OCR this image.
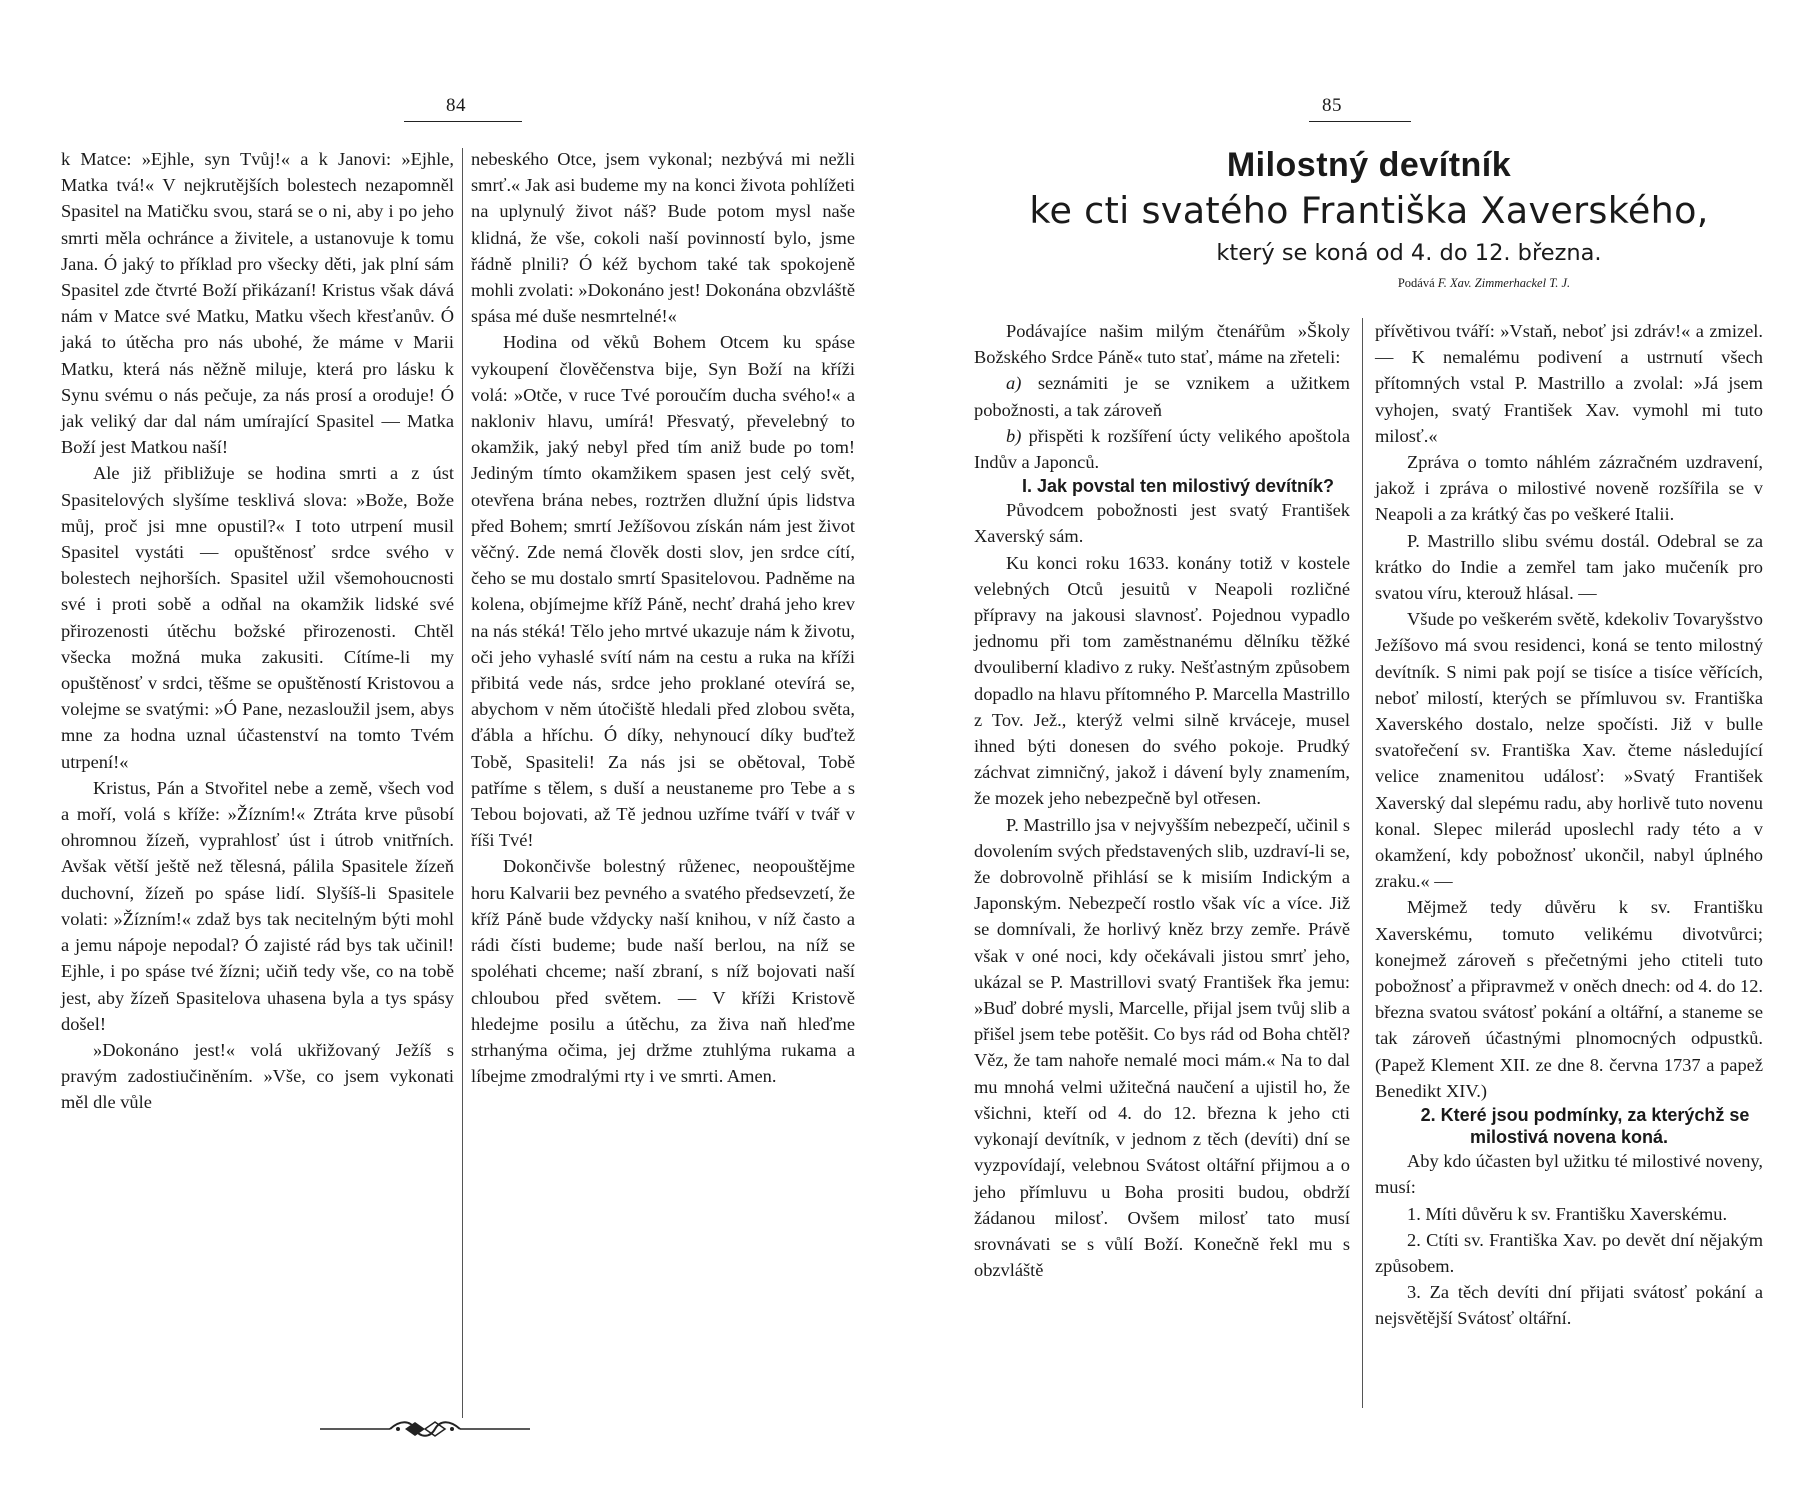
84

k Matce: »Ejhle, syn Tvůj!« a k Janovi: »Ejhle, Matka tvá!« V nejkrutějších bolestech nezapomněl Spasitel na Matičku svou, stará se o ni, aby i po jeho smrti měla ochránce a živitele, a ustanovuje k tomu Jana. Ó jaký to příklad pro všecky děti, jak plní sám Spasitel zde čtvrté Boží přikázaní! Kristus však dává nám v Matce své Matku, Matku všech křesťanův. Ó jaká to útěcha pro nás ubohé, že máme v Marii Matku, která nás něžně miluje, která pro lásku k Synu svému o nás pečuje, za nás prosí a oroduje! Ó jak veliký dar dal nám umírající Spasitel — Matka Boží jest Matkou naší!

Ale již přibližuje se hodina smrti a z úst Spasitelových slyšíme tesklivá slova: »Bože, Bože můj, proč jsi mne opustil?« I toto utrpení musil Spasitel vystáti — opuštěnosť srdce svého v bolestech nejhorších. Spasitel užil všemohoucnosti své i proti sobě a odňal na okamžik lidské své přirozenosti útěchu božské přirozenosti. Chtěl všecka možná muka zakusiti. Cítíme-li my opuštěnosť v srdci, těšme se opuštěností Kristovou a volejme se svatými: »Ó Pane, nezasloužil jsem, abys mne za hodna uznal účastenství na tomto Tvém utrpení!«

Kristus, Pán a Stvořitel nebe a země, všech vod a moří, volá s kříže: »Žízním!« Ztráta krve působí ohromnou žízeň, vyprahlosť úst i útrob vnitřních. Avšak větší ještě než tělesná, pálila Spasitele žízeň duchovní, žízeň po spáse lidí. Slyšíš-li Spasitele volati: »Žízním!« zdaž bys tak necitelným býti mohl a jemu nápoje nepodal? Ó zajisté rád bys tak učinil! Ejhle, i po spáse tvé žízni; učiň tedy vše, co na tobě jest, aby žízeň Spasitelova uhasena byla a tys spásy došel!

»Dokonáno jest!« volá ukřižovaný Ježíš s pravým zadostiučiněním. »Vše, co jsem vykonati měl dle vůle

nebeského Otce, jsem vykonal; nezbývá mi nežli smrť.« Jak asi budeme my na konci života pohlížeti na uplynulý život náš? Bude potom mysl naše klidná, že vše, cokoli naší povinností bylo, jsme řádně plnili? Ó kéž bychom také tak spokojeně mohli zvolati: »Dokonáno jest! Dokonána obzvláště spása mé duše nesmrtelné!«

Hodina od věků Bohem Otcem ku spáse vykoupení člověčenstva bije, Syn Boží na kříži volá: »Otče, v ruce Tvé poroučím ducha svého!« a nakloniv hlavu, umírá! Přesvatý, převelebný to okamžik, jaký nebyl před tím aniž bude po tom! Jediným tímto okamžikem spasen jest celý svět, otevřena brána nebes, roztržen dlužní úpis lidstva před Bohem; smrtí Ježíšovou získán nám jest život věčný. Zde nemá člověk dosti slov, jen srdce cítí, čeho se mu dostalo smrtí Spasitelovou. Padněme na kolena, objímejme kříž Páně, nechť drahá jeho krev na nás stéká! Tělo jeho mrtvé ukazuje nám k životu, oči jeho vyhaslé svítí nám na cestu a ruka na kříži přibitá vede nás, srdce jeho proklané otevírá se, abychom v něm útočiště hledali před zlobou světa, ďábla a hříchu. Ó díky, nehynoucí díky buďtež Tobě, Spasiteli! Za nás jsi se obětoval, Tobě patříme s tělem, s duší a neustaneme pro Tebe a s Tebou bojovati, až Tě jednou uzříme tváří v tvář v říši Tvé!

Dokončivše bolestný růženec, neopouštějme horu Kalvarii bez pevného a svatého předsevzetí, že kříž Páně bude vždycky naší knihou, v níž často a rádi čísti budeme; bude naší berlou, na níž se spoléhati chceme; naší zbraní, s níž bojovati naší chloubou před světem. — V kříži Kristově hledejme posilu a útěchu, za živa naň hleďme strhanýma očima, jej držme ztuhlýma rukama a líbejme zmodralými rty i ve smrti. Amen.

85
Milostný devítník
ke cti svatého Františka Xaverského,
který se koná od 4. do 12. března.
Podává F. Xav. Zimmerhackel T. J.

Podávajíce našim milým čtenářům »Školy Božského Srdce Páně« tuto stať, máme na zřeteli:

a) seznámiti je se vznikem a užitkem pobožnosti, a tak zároveň

b) přispěti k rozšíření úcty velikého apoštola Indův a Japonců.

I. Jak povstal ten milostivý devítník?

Původcem pobožnosti jest svatý František Xaverský sám.

Ku konci roku 1633. konány totiž v kostele velebných Otců jesuitů v Neapoli rozličné přípravy na jakousi slavnosť. Pojednou vypadlo jednomu při tom zaměstnanému dělníku těžké dvouliberní kladivo z ruky. Nešťastným způsobem dopadlo na hlavu přítomného P. Marcella Mastrillo z Tov. Jež., kterýž velmi silně krváceje, musel ihned býti donesen do svého pokoje. Prudký záchvat zimničný, jakož i dávení byly znamením, že mozek jeho nebezpečně byl otřesen.

P. Mastrillo jsa v nejvyšším nebezpečí, učinil s dovolením svých představených slib, uzdraví-li se, že dobrovolně přihlásí se k misiím Indickým a Japonským. Nebezpečí rostlo však víc a více. Již se domnívali, že horlivý kněz brzy zemře. Právě však v oné noci, kdy očekávali jistou smrť jeho, ukázal se P. Mastrillovi svatý František řka jemu: »Buď dobré mysli, Marcelle, přijal jsem tvůj slib a přišel jsem tebe potěšit. Co bys rád od Boha chtěl? Věz, že tam nahoře nemalé moci mám.« Na to dal mu mnohá velmi užitečná naučení a ujistil ho, že všichni, kteří od 4. do 12. března k jeho cti vykonají devítník, v jednom z těch (devíti) dní se vyzpovídají, velebnou Svátost oltářní přijmou a o jeho přímluvu u Boha prositi budou, obdrží žádanou milosť. Ovšem milosť tato musí srovnávati se s vůlí Boží. Konečně řekl mu s obzvláště

přívětivou tváří: »Vstaň, neboť jsi zdráv!« a zmizel. — K nemalému podivení a ustrnutí všech přítomných vstal P. Mastrillo a zvolal: »Já jsem vyhojen, svatý František Xav. vymohl mi tuto milosť.«

Zpráva o tomto náhlém zázračném uzdravení, jakož i zpráva o milostivé noveně rozšířila se v Neapoli a za krátký čas po veškeré Italii.

P. Mastrillo slibu svému dostál. Odebral se za krátko do Indie a zemřel tam jako mučeník pro svatou víru, kterouž hlásal. —

Všude po veškerém světě, kdekoliv Tovaryšstvo Ježíšovo má svou residenci, koná se tento milostný devítník. S nimi pak pojí se tisíce a tisíce věřících, neboť milostí, kterých se přímluvou sv. Františka Xaverského dostalo, nelze spočísti. Již v bulle svatořečení sv. Františka Xav. čteme následující velice znamenitou událosť: »Svatý František Xaverský dal slepému radu, aby horlivě tuto novenu konal. Slepec milerád uposlechl rady této a v okamžení, kdy pobožnosť ukončil, nabyl úplného zraku.« —

Mějmež tedy důvěru k sv. Františku Xaverskému, tomuto velikému divotvůrci; konejmež zároveň s přečetnými jeho ctiteli tuto pobožnosť a připravmež v oněch dnech: od 4. do 12. března svatou svátosť pokání a oltářní, a staneme se tak zároveň účastnými plnomocných odpustků. (Papež Klement XII. ze dne 8. června 1737 a papež Benedikt XIV.)

2. Které jsou podmínky, za kterýchž se milostivá novena koná.

Aby kdo účasten byl užitku té milostivé noveny, musí:

1. Míti důvěru k sv. Františku Xaverskému.

2. Ctíti sv. Františka Xav. po devět dní nějakým způsobem.

3. Za těch devíti dní přijati svátosť pokání a nejsvětější Svátosť oltářní.
